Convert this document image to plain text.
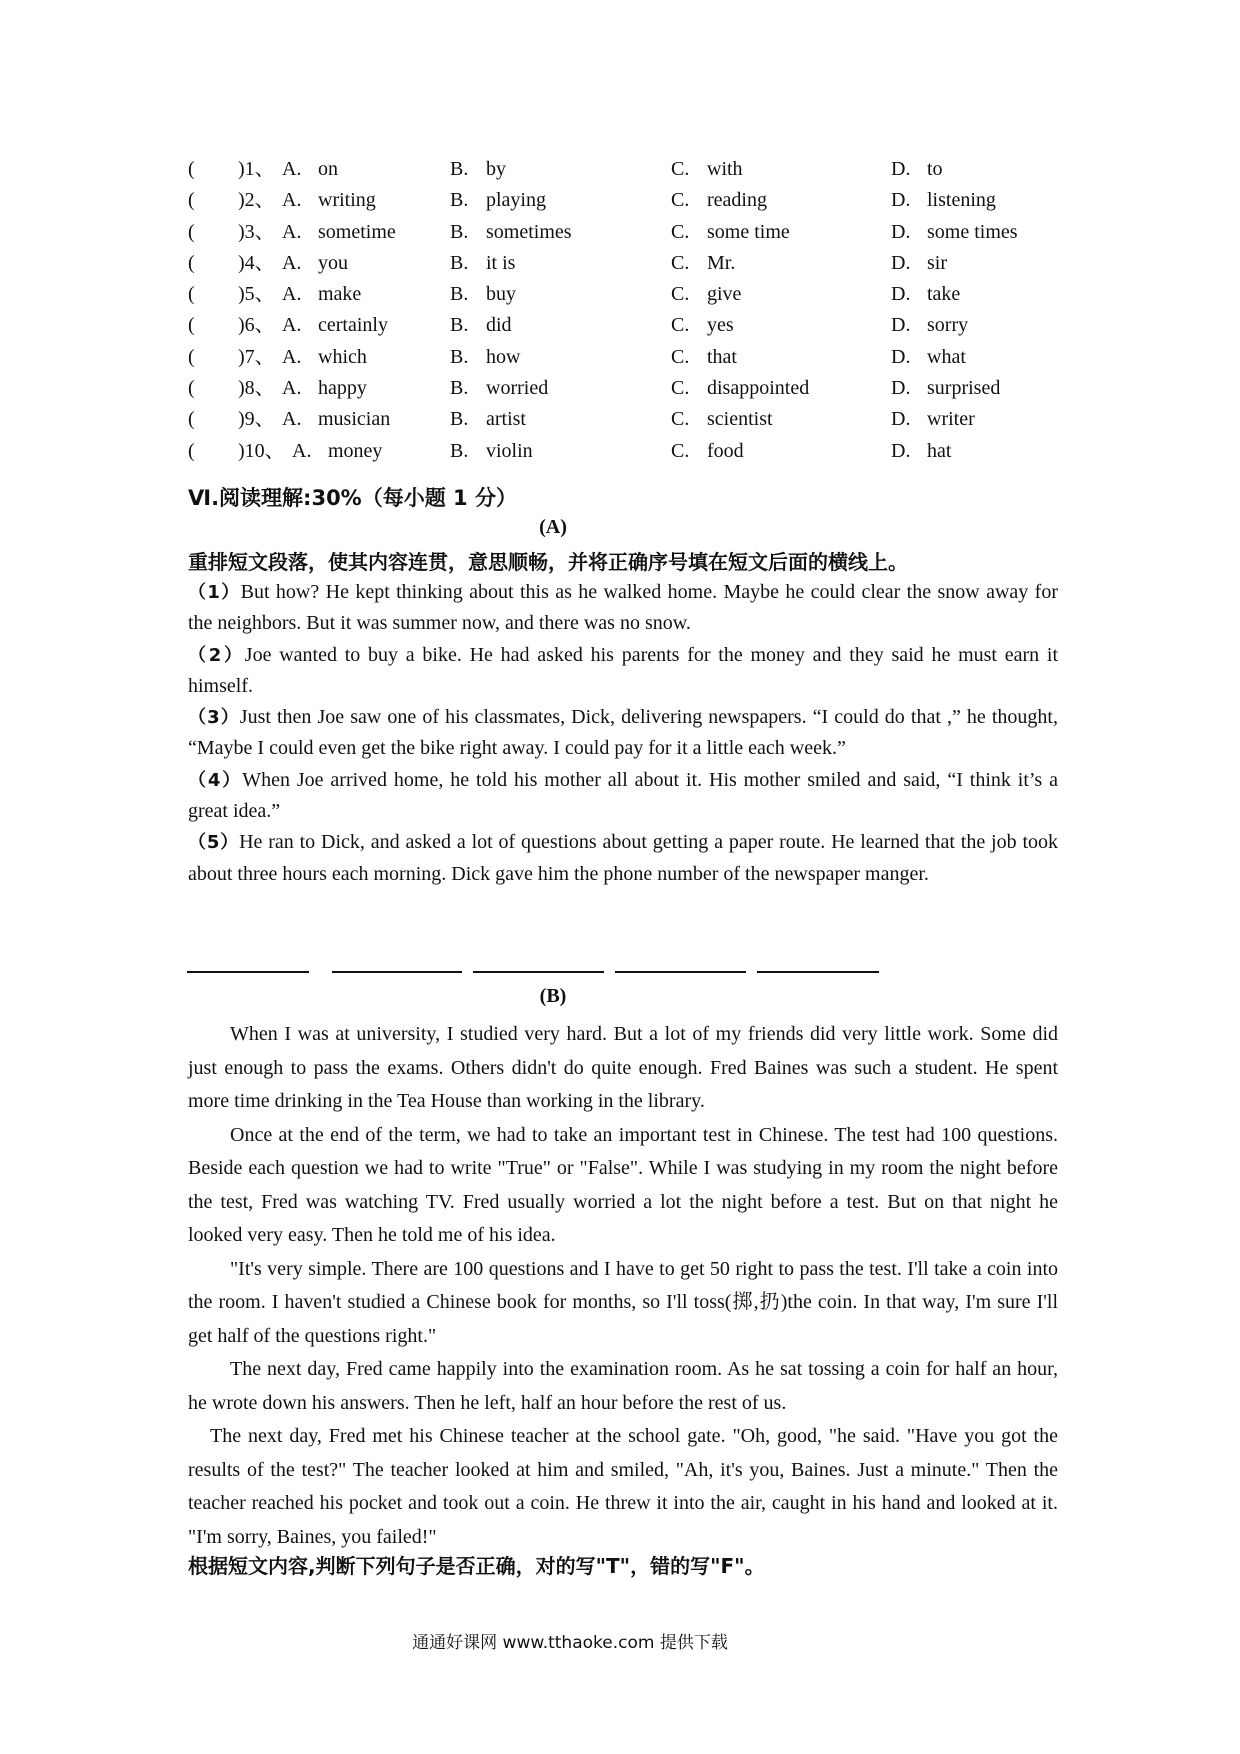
( )1、 A. on	B. by	C. with	D. to
( )2、 A. writing	B. playing	C. reading	D. listening
( )3、 A. sometime	B. sometimes	C. some time	D. some times
( )4、 A. you	B. it is	C. Mr.	D. sir
( )5、 A. make	B. buy	C. give	D. take
( )6、 A. certainly	B. did	C. yes	D. sorry
( )7、 A. which	B. how	C. that	D. what
( )8、 A. happy	B. worried	C. disappointed	D. surprised
( )9、 A. musician	B. artist	C. scientist	D. writer
( )10、 A. money	B. violin	C. food	D. hat
Ⅵ.阅读理解:30%（每小题 1 分）
(A)
重排短文段落，使其内容连贯，意思顺畅，并将正确序号填在短文后面的横线上。

（1）But how? He kept thinking about this as he walked home. Maybe he could clear the snow away for the neighbors. But it was summer now, and there was no snow.

（2）Joe wanted to buy a bike. He had asked his parents for the money and they said he must earn it himself.

（3）Just then Joe saw one of his classmates, Dick, delivering newspapers. “I could do that ,” he thought, “Maybe I could even get the bike right away. I could pay for it a little each week.”

（4）When Joe arrived home, he told his mother all about it. His mother smiled and said, “I think it’s a great idea.”

（5）He ran to Dick, and asked a lot of questions about getting a paper route. He learned that the job took about three hours each morning. Dick gave him the phone number of the newspaper manger.

(B)

When I was at university, I studied very hard. But a lot of my friends did very little work. Some did just enough to pass the exams. Others didn't do quite enough. Fred Baines was such a student. He spent more time drinking in the Tea House than working in the library.

Once at the end of the term, we had to take an important test in Chinese. The test had 100 questions. Beside each question we had to write "True" or "False". While I was studying in my room the night before the test, Fred was watching TV. Fred usually worried a lot the night before a test. But on that night he looked very easy. Then he told me of his idea.

"It's very simple. There are 100 questions and I have to get 50 right to pass the test. I'll take a coin into the room. I haven't studied a Chinese book for months, so I'll toss(掷,扔)the coin. In that way, I'm sure I'll get half of the questions right."

The next day, Fred came happily into the examination room. As he sat tossing a coin for half an hour, he wrote down his answers. Then he left, half an hour before the rest of us.

The next day, Fred met his Chinese teacher at the school gate. "Oh, good, "he said. "Have you got the results of the test?" The teacher looked at him and smiled, "Ah, it's you, Baines. Just a minute." Then the teacher reached his pocket and took out a coin. He threw it into the air, caught in his hand and looked at it. "I'm sorry, Baines, you failed!"

根据短文内容,判断下列句子是否正确，对的写"T"，错的写"F"。
通通好课网 www.tthaoke.com 提供下载
